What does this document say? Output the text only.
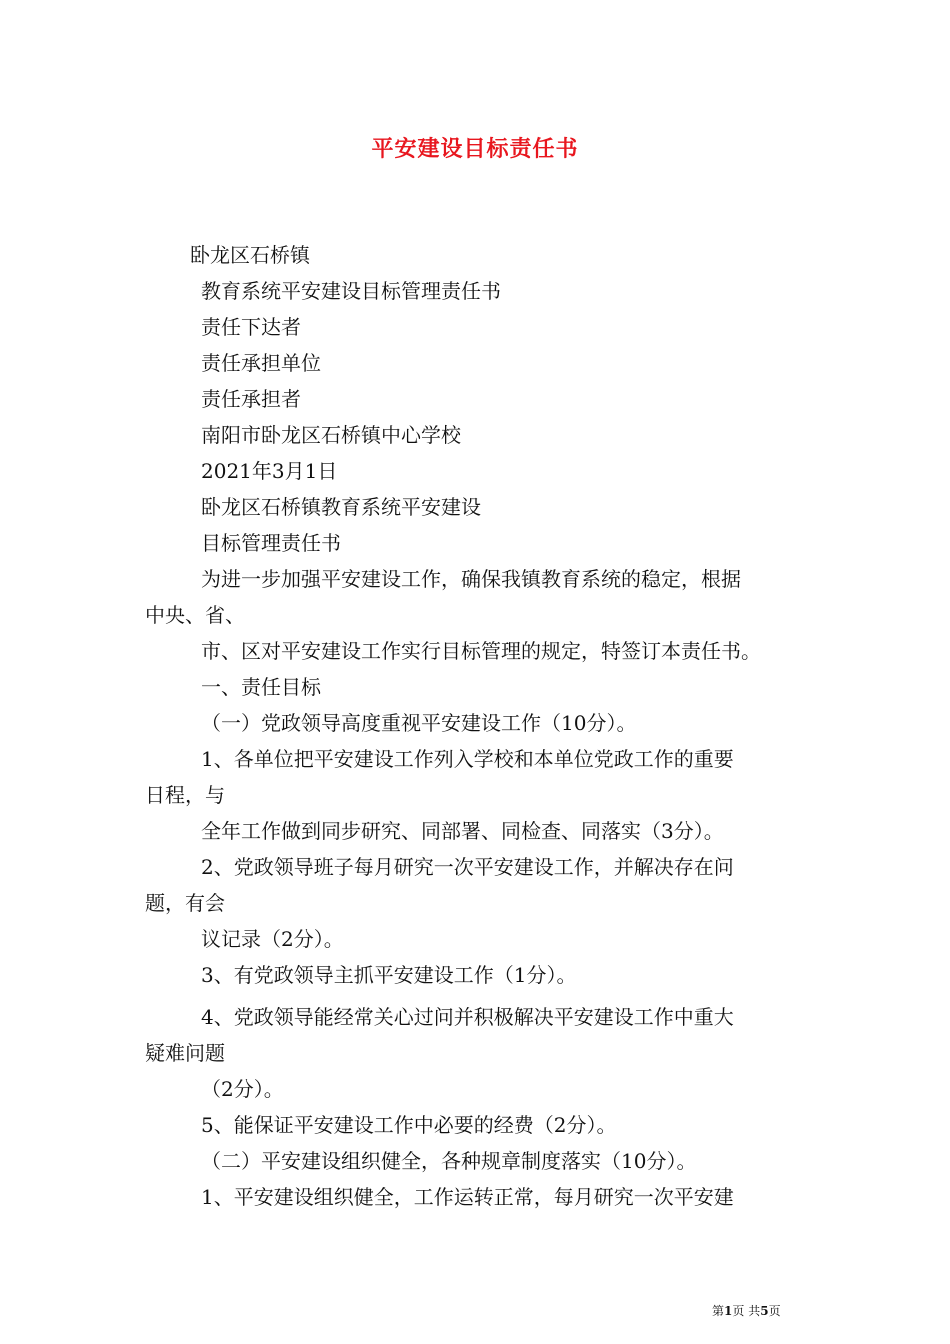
平安建设目标责任书
卧龙区石桥镇
教育系统平安建设目标管理责任书
责任下达者
责任承担单位
责任承担者
南阳市卧龙区石桥镇中心学校
2021年3月1日
卧龙区石桥镇教育系统平安建设
目标管理责任书
为进一步加强平安建设工作，确保我镇教育系统的稳定，根据
中央、省、
市、区对平安建设工作实行目标管理的规定，特签订本责任书。
一、责任目标
（一）党政领导高度重视平安建设工作（10分）。
1、各单位把平安建设工作列入学校和本单位党政工作的重要
日程，与
全年工作做到同步研究、同部署、同检查、同落实（3分）。
2、党政领导班子每月研究一次平安建设工作，并解决存在问
题，有会
议记录（2分）。
3、有党政领导主抓平安建设工作（1分）。
4、党政领导能经常关心过问并积极解决平安建设工作中重大
疑难问题
（2分）。
5、能保证平安建设工作中必要的经费（2分）。
（二）平安建设组织健全，各种规章制度落实（10分）。
1、平安建设组织健全，工作运转正常，每月研究一次平安建
第1页 共5页
